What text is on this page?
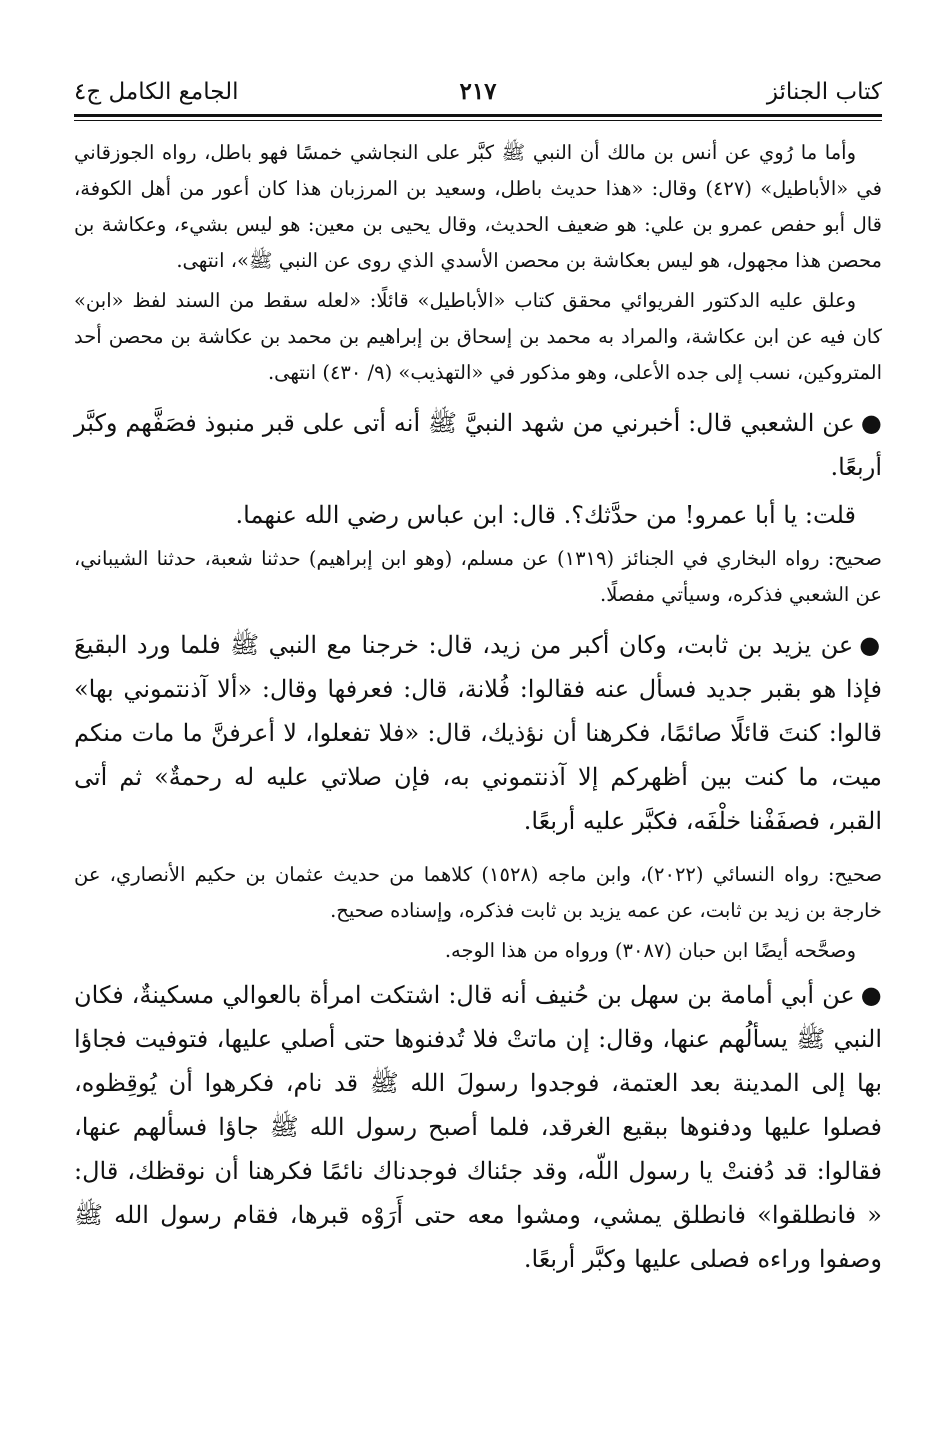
كتاب الجنائز
٢١٧
الجامع الكامل ج٤

وأما ما رُوي عن أنس بن مالك أن النبي ﷺ كبَّر على النجاشي خمسًا فهو باطل، رواه الجوزقاني في «الأباطيل» (٤٢٧) وقال: «هذا حديث باطل، وسعيد بن المرزبان هذا كان أعور من أهل الكوفة، قال أبو حفص عمرو بن علي: هو ضعيف الحديث، وقال يحيى بن معين: هو ليس بشيء، وعكاشة بن محصن هذا مجهول، هو ليس بعكاشة بن محصن الأسدي الذي روى عن النبي ﷺ»، انتهى.

وعلق عليه الدكتور الفريوائي محقق كتاب «الأباطيل» قائلًا: «لعله سقط من السند لفظ «ابن» كان فيه عن ابن عكاشة، والمراد به محمد بن إسحاق بن إبراهيم بن محمد بن عكاشة بن محصن أحد المتروكين، نسب إلى جده الأعلى، وهو مذكور في «التهذيب» (٩/ ٤٣٠) انتهى.

●عن الشعبي قال: أخبرني من شهد النبيَّ ﷺ أنه أتى على قبر منبوذ فصَفَّهم وكبَّر أربعًا.

قلت: يا أبا عمرو! من حدَّثك؟. قال: ابن عباس رضي الله عنهما.

صحيح: رواه البخاري في الجنائز (١٣١٩) عن مسلم، (وهو ابن إبراهيم) حدثنا شعبة، حدثنا الشيباني، عن الشعبي فذكره، وسيأتي مفصلًا.

●عن يزيد بن ثابت، وكان أكبر من زيد، قال: خرجنا مع النبي ﷺ فلما ورد البقيعَ فإذا هو بقبر جديد فسأل عنه فقالوا: فُلانة، قال: فعرفها وقال: «ألا آذنتموني بها» قالوا: كنتَ قائلًا صائمًا، فكرهنا أن نؤذيك، قال: «فلا تفعلوا، لا أعرفنَّ ما مات منكم ميت، ما كنت بين أظهركم إلا آذنتموني به، فإن صلاتي عليه له رحمةٌ» ثم أتى القبر، فصفَفْنا خلْفَه، فكبَّر عليه أربعًا.

صحيح: رواه النسائي (٢٠٢٢)، وابن ماجه (١٥٢٨) كلاهما من حديث عثمان بن حكيم الأنصاري، عن خارجة بن زيد بن ثابت، عن عمه يزيد بن ثابت فذكره، وإسناده صحيح.

وصحَّحه أيضًا ابن حبان (٣٠٨٧) ورواه من هذا الوجه.

●عن أبي أمامة بن سهل بن حُنيف أنه قال: اشتكت امرأة بالعوالي مسكينةٌ، فكان النبي ﷺ يسألُهم عنها، وقال: إن ماتتْ فلا تُدفنوها حتى أصلي عليها، فتوفيت فجاؤا بها إلى المدينة بعد العتمة، فوجدوا رسولَ الله ﷺ قد نام، فكرهوا أن يُوقِظوه، فصلوا عليها ودفنوها ببقيع الغرقد، فلما أصبح رسول الله ﷺ جاؤا فسألهم عنها، فقالوا: قد دُفنتْ يا رسول اللّه، وقد جئناك فوجدناك نائمًا فكرهنا أن نوقظك، قال: « فانطلقوا» فانطلق يمشي، ومشوا معه حتى أَرَوْه قبرها، فقام رسول الله ﷺ وصفوا وراءه فصلى عليها وكبَّر أربعًا.
